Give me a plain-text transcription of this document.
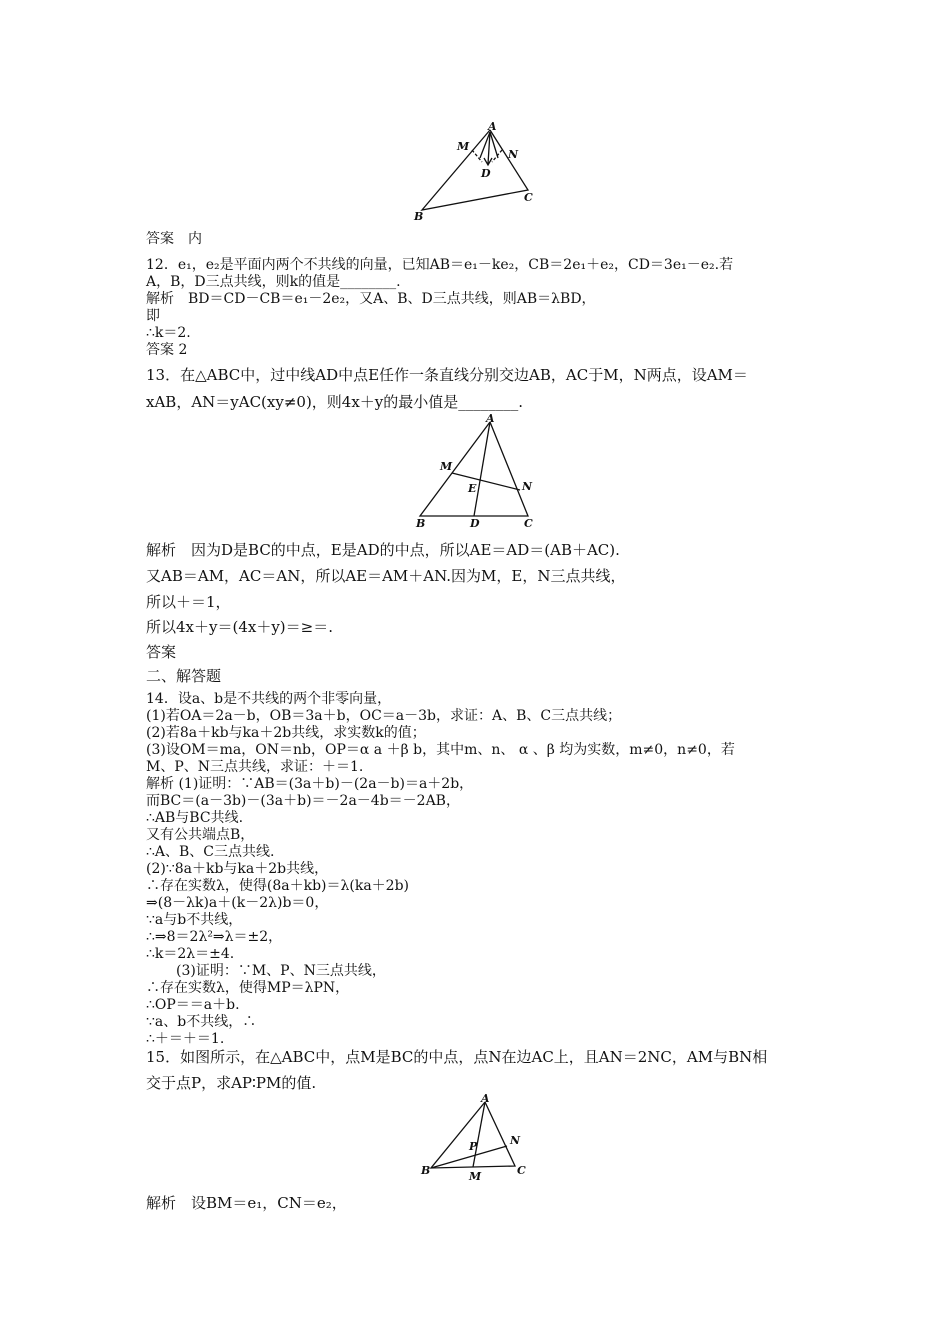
A
M
N
D
B
C
答案　内
12．e₁，e₂是平面内两个不共线的向量，已知AB＝e₁－ke₂，CB＝2e₁＋e₂，CD＝3e₁－e₂.若
A，B，D三点共线，则k的值是________.
解析　BD＝CD－CB＝e₁－2e₂，又A、B、D三点共线，则AB＝λBD，
即
∴k＝2.
答案 2
13．在△ABC中，过中线AD中点E任作一条直线分别交边AB，AC于M，N两点，设AM＝
xAB，AN＝yAC(xy≠0)，则4x＋y的最小值是________.
A
M
E	N
B	D	C
解析　因为D是BC的中点，E是AD的中点，所以AE＝AD＝(AB＋AC).
又AB＝AM，AC＝AN，所以AE＝AM＋AN.因为M，E，N三点共线，
所以＋＝1，
所以4x＋y＝(4x＋y)＝≥＝.
答案
二、解答题
14．设a、b是不共线的两个非零向量，
(1)若OA＝2a－b，OB＝3a＋b，OC＝a－3b，求证：A、B、C三点共线；
(2)若8a＋kb与ka＋2b共线，求实数k的值；
(3)设OM＝ma，ON＝nb，OP＝α a ＋β b，其中m、n、 α 、β 均为实数，m≠0，n≠0，若
M、P、N三点共线，求证：＋＝1.
解析 (1)证明：∵AB＝(3a＋b)－(2a－b)＝a＋2b，
而BC＝(a－3b)－(3a＋b)＝－2a－4b＝－2AB，
∴AB与BC共线.
又有公共端点B，
∴A、B、C三点共线.
(2)∵8a＋kb与ka＋2b共线，
∴存在实数λ，使得(8a＋kb)＝λ(ka＋2b)
⇒(8－λk)a＋(k－2λ)b＝0，
∵a与b不共线，
∴⇒8＝2λ²⇒λ＝±2，
∴k＝2λ＝±4.
(3)证明：∵M、P、N三点共线，
∴存在实数λ，使得MP＝λPN，
∴OP＝＝a＋b.
∵a、b不共线，∴
∴＋＝＋＝1.
15．如图所示，在△ABC中，点M是BC的中点，点N在边AC上，且AN＝2NC，AM与BN相
交于点P，求AP∶PM的值.
A
P	N
B	M	C
解析　设BM＝e₁，CN＝e₂，
